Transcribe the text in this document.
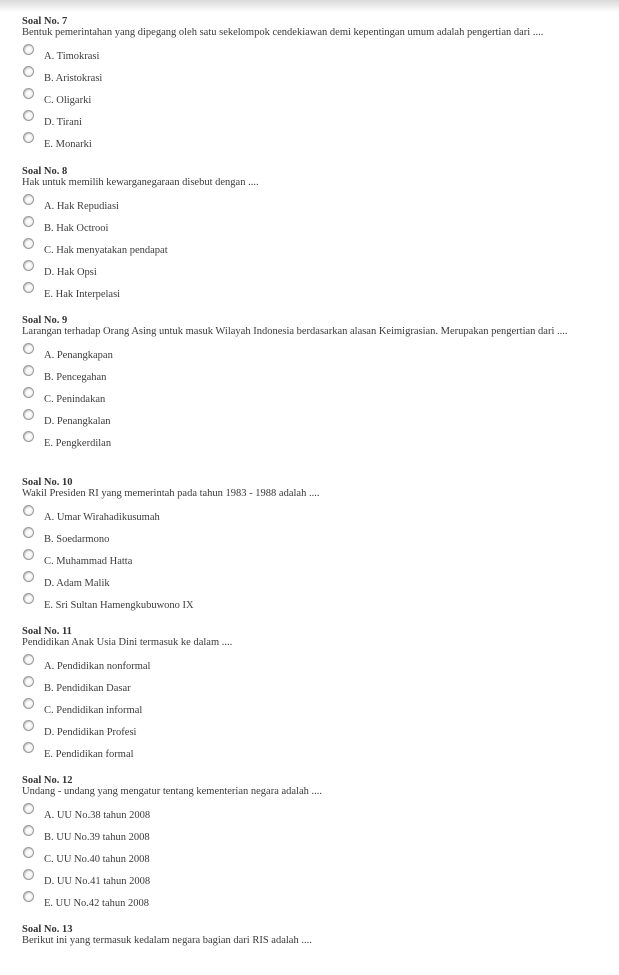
Soal No. 7
Bentuk pemerintahan yang dipegang oleh satu sekelompok cendekiawan demi kepentingan umum adalah pengertian dari ....
A. Timokrasi
B. Aristokrasi
C. Oligarki
D. Tirani
E. Monarki
Soal No. 8
Hak untuk memilih kewarganegaraan disebut dengan ....
A. Hak Repudiasi
B. Hak Octrooi
C. Hak menyatakan pendapat
D. Hak Opsi
E. Hak Interpelasi
Soal No. 9
Larangan terhadap Orang Asing untuk masuk Wilayah Indonesia berdasarkan alasan Keimigrasian. Merupakan pengertian dari ....
A. Penangkapan
B. Pencegahan
C. Penindakan
D. Penangkalan
E. Pengkerdilan
Soal No. 10
Wakil Presiden RI yang memerintah pada tahun 1983 - 1988 adalah ....
A. Umar Wirahadikusumah
B. Soedarmono
C. Muhammad Hatta
D. Adam Malik
E. Sri Sultan Hamengkubuwono IX
Soal No. 11
Pendidikan Anak Usia Dini termasuk ke dalam ....
A. Pendidikan nonformal
B. Pendidikan Dasar
C. Pendidikan informal
D. Pendidikan Profesi
E. Pendidikan formal
Soal No. 12
Undang - undang yang mengatur tentang kementerian negara adalah ....
A. UU No.38 tahun 2008
B. UU No.39 tahun 2008
C. UU No.40 tahun 2008
D. UU No.41 tahun 2008
E. UU No.42 tahun 2008
Soal No. 13
Berikut ini yang termasuk kedalam negara bagian dari RIS adalah ....
